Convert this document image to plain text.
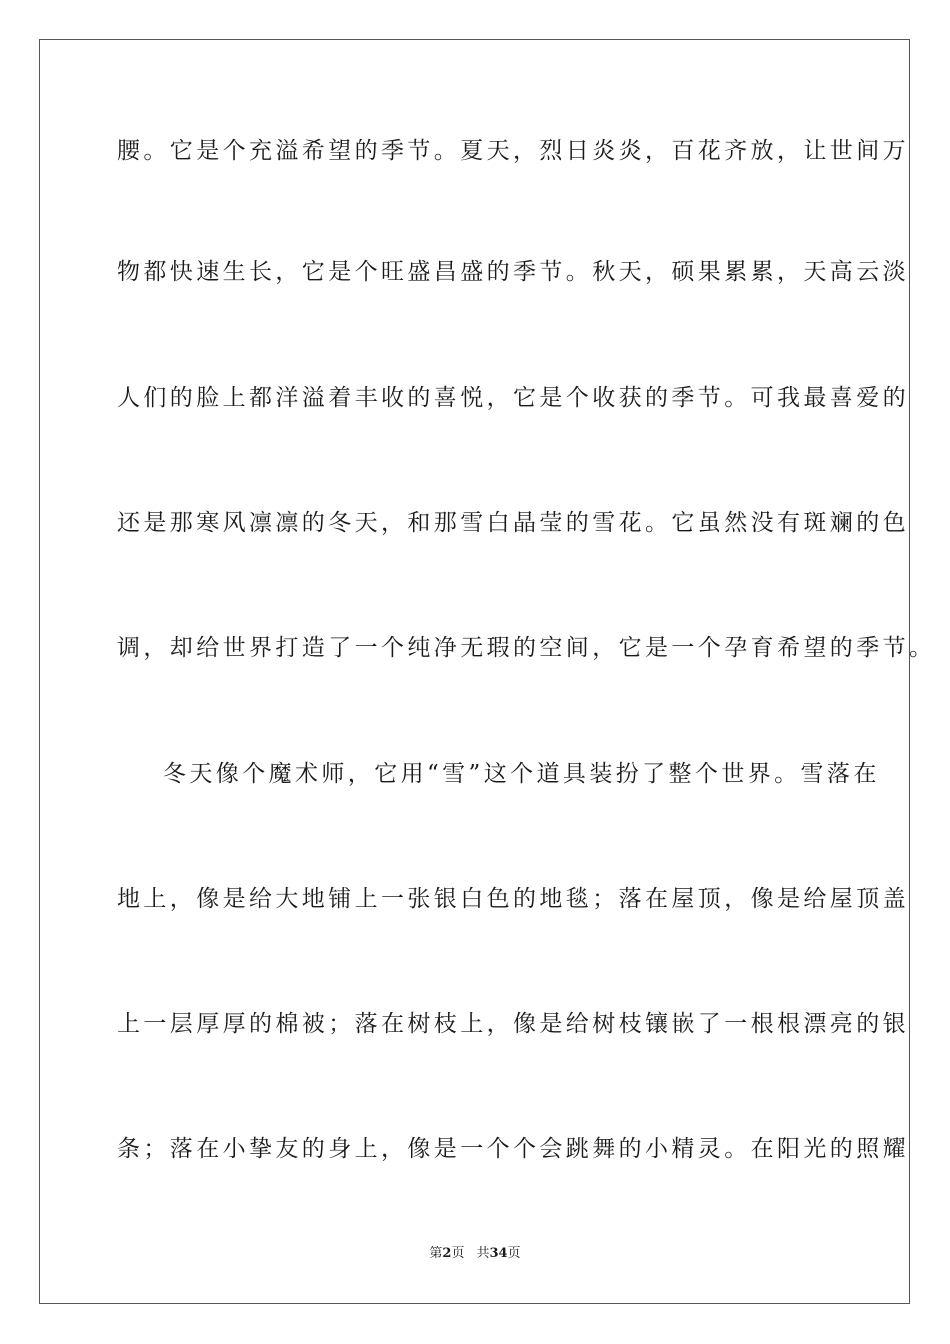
腰。它是个充溢希望的季节。夏天，烈日炎炎，百花齐放，让世间万
物都快速生长，它是个旺盛昌盛的季节。秋天，硕果累累，天高云淡
人们的脸上都洋溢着丰收的喜悦，它是个收获的季节。可我最喜爱的
还是那寒风凛凛的冬天，和那雪白晶莹的雪花。它虽然没有斑斓的色
调，却给世界打造了一个纯净无瑕的空间，它是一个孕育希望的季节。
冬天像个魔术师，它用“雪”这个道具装扮了整个世界。雪落在
地上，像是给大地铺上一张银白色的地毯；落在屋顶，像是给屋顶盖
上一层厚厚的棉被；落在树枝上，像是给树枝镶嵌了一根根漂亮的银
条；落在小挚友的身上，像是一个个会跳舞的小精灵。在阳光的照耀
第2页 共34页
